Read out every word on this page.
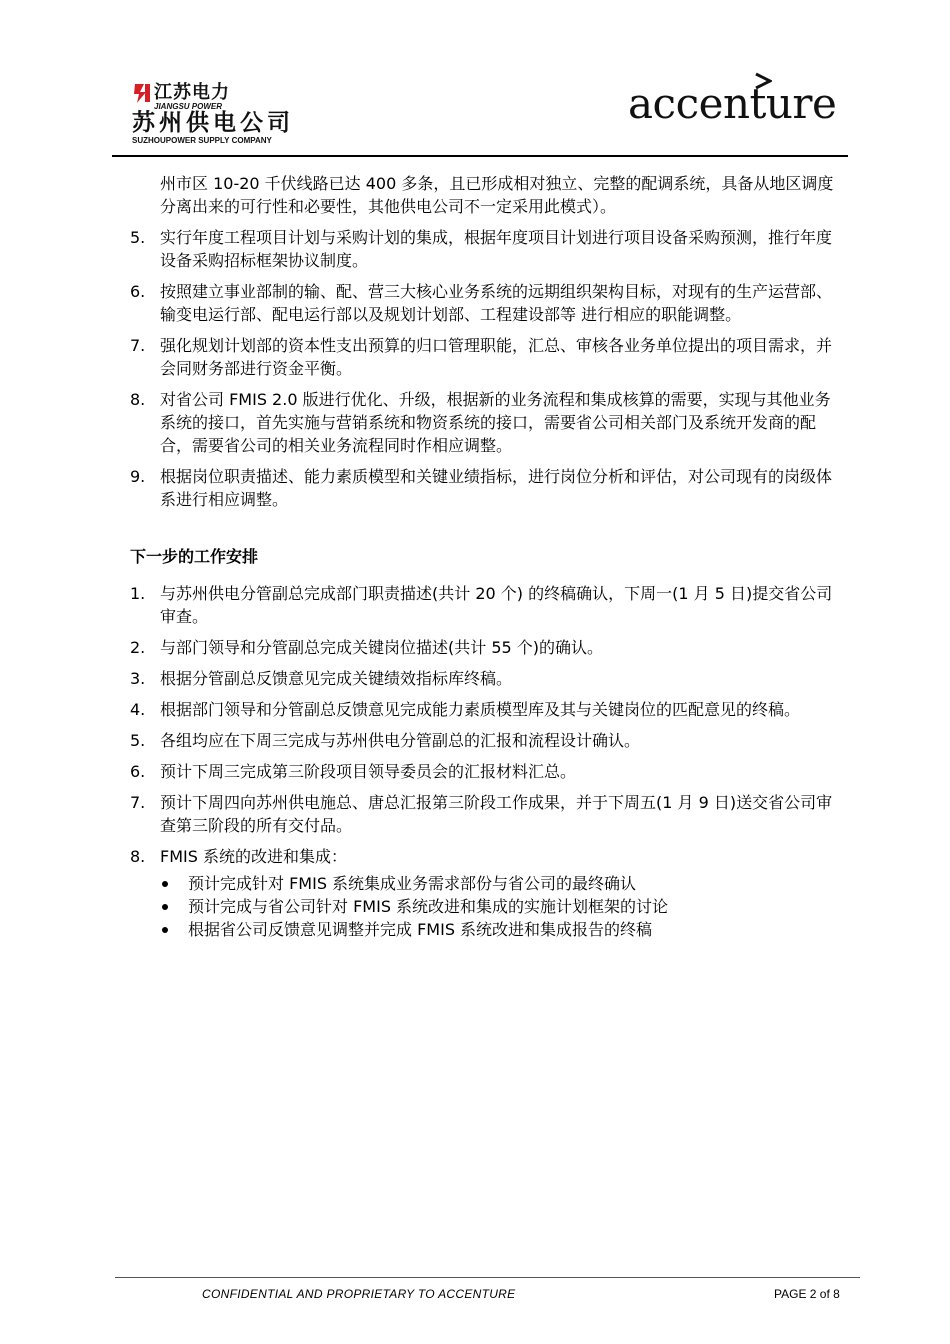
江苏电力
JIANGSU POWER
苏州供电公司
SUZHOUPOWER SUPPLY COMPANY
accenture
州市区 10-20 千伏线路已达 400 多条，且已形成相对独立、完整的配调系统，具备从地区调度分离出来的可行性和必要性，其他供电公司不一定采用此模式）。
5. 实行年度工程项目计划与采购计划的集成，根据年度项目计划进行项目设备采购预测，推行年度设备采购招标框架协议制度。
6. 按照建立事业部制的输、配、营三大核心业务系统的远期组织架构目标，对现有的生产运营部、输变电运行部、配电运行部以及规划计划部、工程建设部等 进行相应的职能调整。
7. 强化规划计划部的资本性支出预算的归口管理职能，汇总、审核各业务单位提出的项目需求，并会同财务部进行资金平衡。
8. 对省公司 FMIS 2.0 版进行优化、升级，根据新的业务流程和集成核算的需要，实现与其他业务系统的接口，首先实施与营销系统和物资系统的接口，需要省公司相关部门及系统开发商的配合，需要省公司的相关业务流程同时作相应调整。
9. 根据岗位职责描述、能力素质模型和关键业绩指标，进行岗位分析和评估，对公司现有的岗级体系进行相应调整。
下一步的工作安排
1. 与苏州供电分管副总完成部门职责描述(共计 20 个) 的终稿确认，下周一(1 月 5 日)提交省公司审查。
2. 与部门领导和分管副总完成关键岗位描述(共计 55 个)的确认。
3. 根据分管副总反馈意见完成关键绩效指标库终稿。
4. 根据部门领导和分管副总反馈意见完成能力素质模型库及其与关键岗位的匹配意见的终稿。
5. 各组均应在下周三完成与苏州供电分管副总的汇报和流程设计确认。
6. 预计下周三完成第三阶段项目领导委员会的汇报材料汇总。
7. 预计下周四向苏州供电施总、唐总汇报第三阶段工作成果，并于下周五(1 月 9 日)送交省公司审查第三阶段的所有交付品。
8. FMIS 系统的改进和集成：
预计完成针对 FMIS 系统集成业务需求部份与省公司的最终确认
预计完成与省公司针对 FMIS 系统改进和集成的实施计划框架的讨论
根据省公司反馈意见调整并完成 FMIS 系统改进和集成报告的终稿
CONFIDENTIAL AND PROPRIETARY TO ACCENTURE	PAGE 2 of 8
